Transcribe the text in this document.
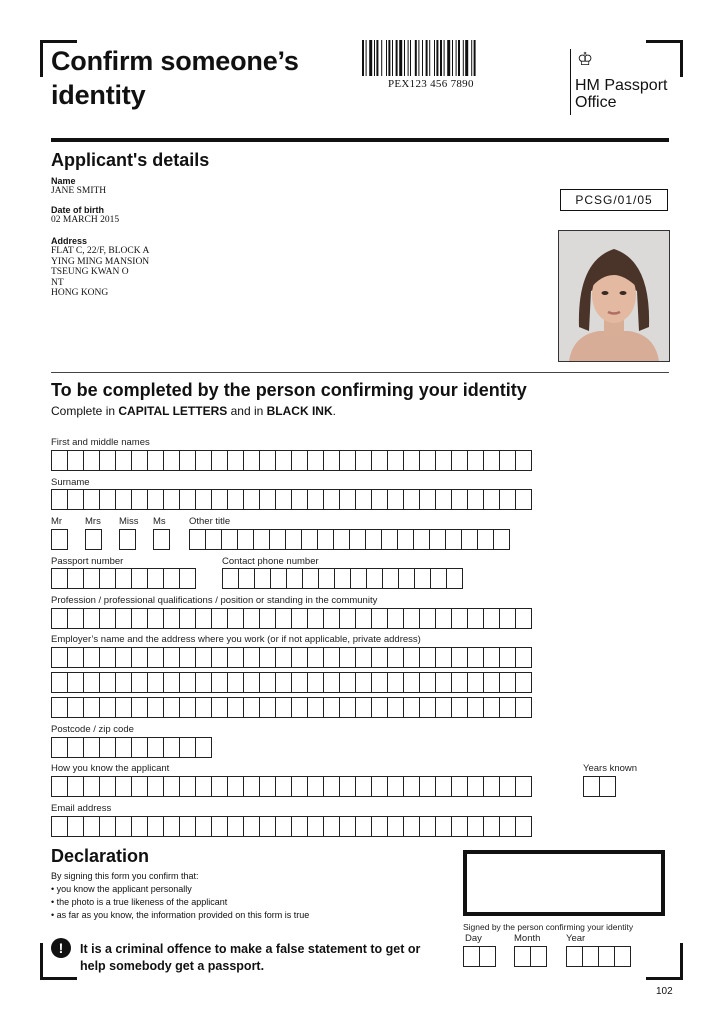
Confirm someone’s
identity	PEX123 456 7890
♔
HM Passport
Office
Applicant's details
Name
JANE SMITH
Date of birth
02 MARCH 2015
Address
FLAT C, 22/F, BLOCK A
YING MING MANSION
TSEUNG KWAN O
NT
HONG KONG
PCSG/01/05
To be completed by the person confirming your identity
Complete in CAPITAL LETTERS and in BLACK INK.
First and middle names
Surname
Mr Mrs Miss Ms Other title
Passport number	Contact phone number
Profession / professional qualifications / position or standing in the community
Employer’s name and the address where you work (or if not applicable, private address)
Postcode / zip code
How you know the applicant	Years known
Email address
Declaration
By signing this form you confirm that:
• you know the applicant personally
• the photo is a true likeness of the applicant
• as far as you know, the information provided on this form is true
!	It is a criminal offence to make a false statement to get or
help somebody get a passport.
Signed by the person confirming your identity
Day	Month	Year
102
